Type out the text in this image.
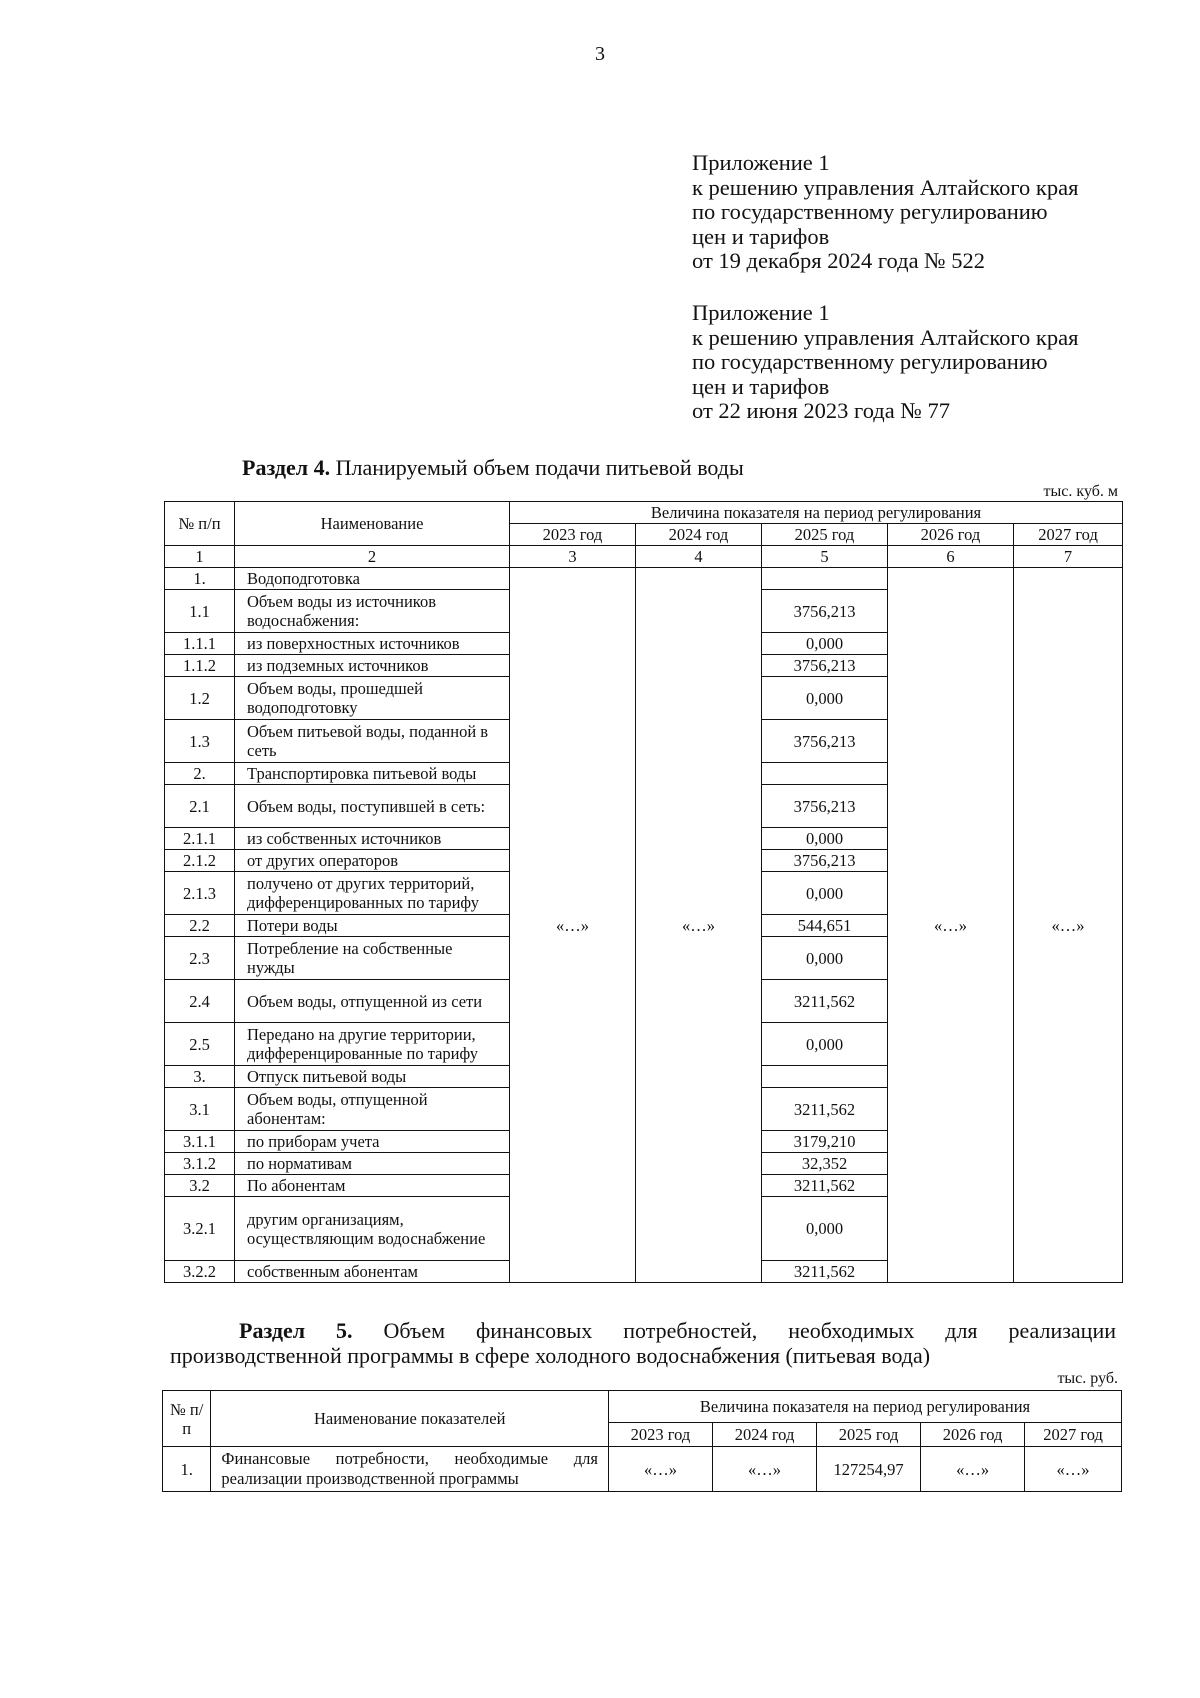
3
Приложение 1
к решению управления Алтайского края
по государственному регулированию
цен и тарифов
от 19 декабря 2024 года № 522
Приложение 1
к решению управления Алтайского края
по государственному регулированию
цен и тарифов
от 22 июня 2023 года № 77
Раздел 4. Планируемый объем подачи питьевой воды
тыс. куб. м
№ п/п	Наименование	Величина показателя на период регулирования				
		2023 год	2024 год	2025 год	2026 год	2027 год
1	2	3	4	5	6	7
1.	Водоподготовка	«…»	«…»		«…»	«…»
1.1	Объем воды из источников водоснабжения:			3756,213		
1.1.1	из поверхностных источников			0,000		
1.1.2	из подземных источников			3756,213		
1.2	Объем воды, прошедшей водоподготовку			0,000		
1.3	Объем питьевой воды, поданной в сеть			3756,213		
2.	Транспортировка питьевой воды					
2.1	Объем воды, поступившей в сеть:			3756,213		
2.1.1	из собственных источников			0,000		
2.1.2	от других операторов			3756,213		
2.1.3	получено от других территорий, дифференцированных по тарифу			0,000		
2.2	Потери воды			544,651		
2.3	Потребление на собственные нужды			0,000		
2.4	Объем воды, отпущенной из сети			3211,562		
2.5	Передано на другие территории, дифференцированные по тарифу			0,000		
3.	Отпуск питьевой воды					
3.1	Объем воды, отпущенной абонентам:			3211,562		
3.1.1	по приборам учета			3179,210		
3.1.2	по нормативам			32,352		
3.2	По абонентам			3211,562		
3.2.1	другим организациям, осуществляющим водоснабжение			0,000		
3.2.2	собственным абонентам			3211,562		
Раздел 5. Объем финансовых потребностей, необходимых для реализации
производственной программы в сфере холодного водоснабжения (питьевая вода)
тыс. руб.
№ п/п	Наименование показателей	Величина показателя на период регулирования				
		2023 год	2024 год	2025 год	2026 год	2027 год
1.	Финансовые потребности, необходимые для реализации производственной программы	«…»	«…»	127254,97	«…»	«…»
